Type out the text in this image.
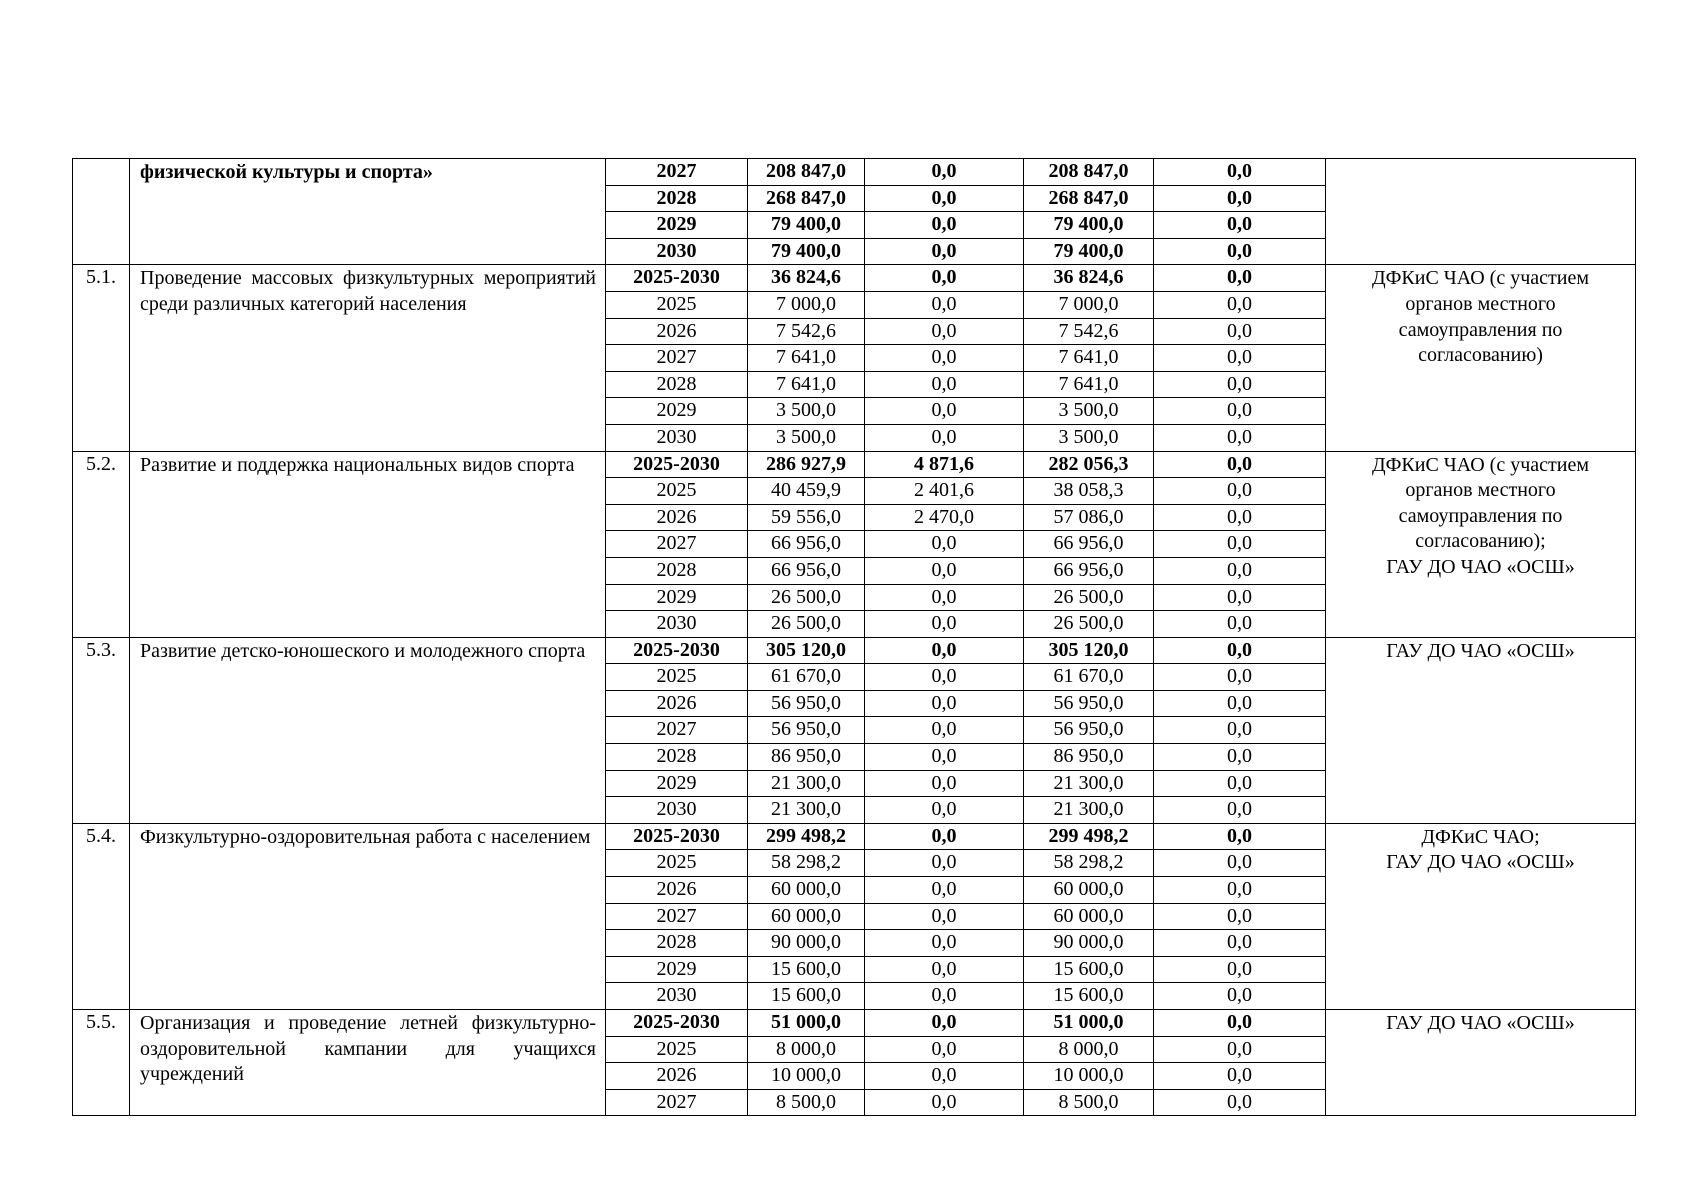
	физической культуры и спорта»	2027	208 847,0	0,0	208 847,0	0,0	
		2028	268 847,0	0,0	268 847,0	0,0	
		2029	79 400,0	0,0	79 400,0	0,0	
		2030	79 400,0	0,0	79 400,0	0,0	
5.1.	Проведение массовых физкультурных мероприятий среди различных категорий населения	2025-2030	36 824,6	0,0	36 824,6	0,0	ДФКиС ЧАО (с участием
органов местного
самоуправления по
согласованию)

		2025	7 000,0	0,0	7 000,0	0,0	
		2026	7 542,6	0,0	7 542,6	0,0	
		2027	7 641,0	0,0	7 641,0	0,0	
		2028	7 641,0	0,0	7 641,0	0,0	
		2029	3 500,0	0,0	3 500,0	0,0	
		2030	3 500,0	0,0	3 500,0	0,0	
5.2.	Развитие и поддержка национальных видов спорта	2025-2030	286 927,9	4 871,6	282 056,3	0,0	ДФКиС ЧАО (с участием
органов местного
самоуправления по
согласованию);
ГАУ ДО ЧАО «ОСШ»

		2025	40 459,9	2 401,6	38 058,3	0,0	
		2026	59 556,0	2 470,0	57 086,0	0,0	
		2027	66 956,0	0,0	66 956,0	0,0	
		2028	66 956,0	0,0	66 956,0	0,0	
		2029	26 500,0	0,0	26 500,0	0,0	
		2030	26 500,0	0,0	26 500,0	0,0	
5.3.	Развитие детско-юношеского и молодежного спорта	2025-2030	305 120,0	0,0	305 120,0	0,0	ГАУ ДО ЧАО «ОСШ»

		2025	61 670,0	0,0	61 670,0	0,0	
		2026	56 950,0	0,0	56 950,0	0,0	
		2027	56 950,0	0,0	56 950,0	0,0	
		2028	86 950,0	0,0	86 950,0	0,0	
		2029	21 300,0	0,0	21 300,0	0,0	
		2030	21 300,0	0,0	21 300,0	0,0	
5.4.	Физкультурно-оздоровительная работа с населением	2025-2030	299 498,2	0,0	299 498,2	0,0	ДФКиС ЧАО;
ГАУ ДО ЧАО «ОСШ»

		2025	58 298,2	0,0	58 298,2	0,0	
		2026	60 000,0	0,0	60 000,0	0,0	
		2027	60 000,0	0,0	60 000,0	0,0	
		2028	90 000,0	0,0	90 000,0	0,0	
		2029	15 600,0	0,0	15 600,0	0,0	
		2030	15 600,0	0,0	15 600,0	0,0	
5.5.	Организация и проведение летней физкультурно-оздоровительной кампании для учащихся учреждений	2025-2030	51 000,0	0,0	51 000,0	0,0	ГАУ ДО ЧАО «ОСШ»

		2025	8 000,0	0,0	8 000,0	0,0	
		2026	10 000,0	0,0	10 000,0	0,0	
		2027	8 500,0	0,0	8 500,0	0,0	
